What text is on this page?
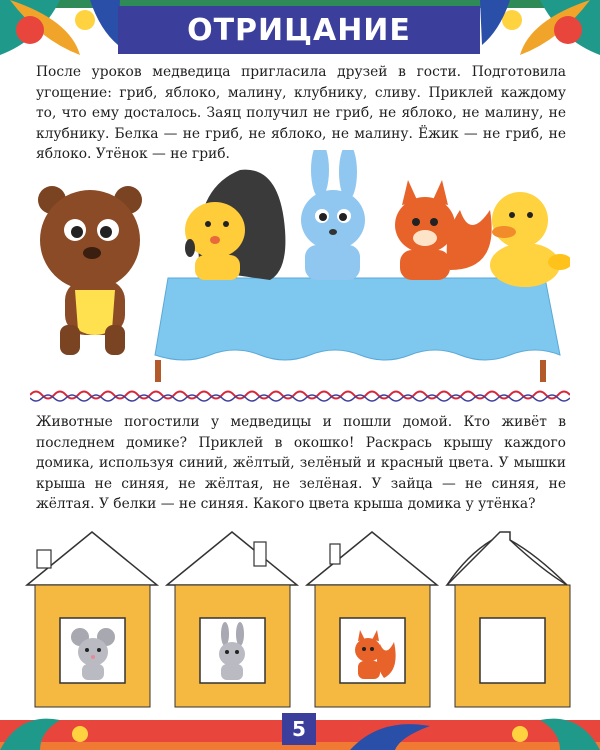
ОТРИЦАНИЕ

После уроков медведица пригласила друзей в гости. Подготовила угощение: гриб, яблоко, малину, клубнику, сливу. Приклей каждому то, что ему досталось. Заяц получил не гриб, не яблоко, не малину, не клубнику. Белка — не гриб, не яблоко, не малину. Ёжик — не гриб, не яблоко. Утёнок — не гриб.

Животные погостили у медведицы и пошли домой. Кто живёт в последнем домике? Приклей в окошко! Раскрась крышу каждого домика, используя синий, жёлтый, зелёный и красный цвета. У мышки крыша не синяя, не жёлтая, не зелёная. У зайца — не синяя, не жёлтая. У белки — не синяя. Какого цвета крыша домика у утёнка?

5
